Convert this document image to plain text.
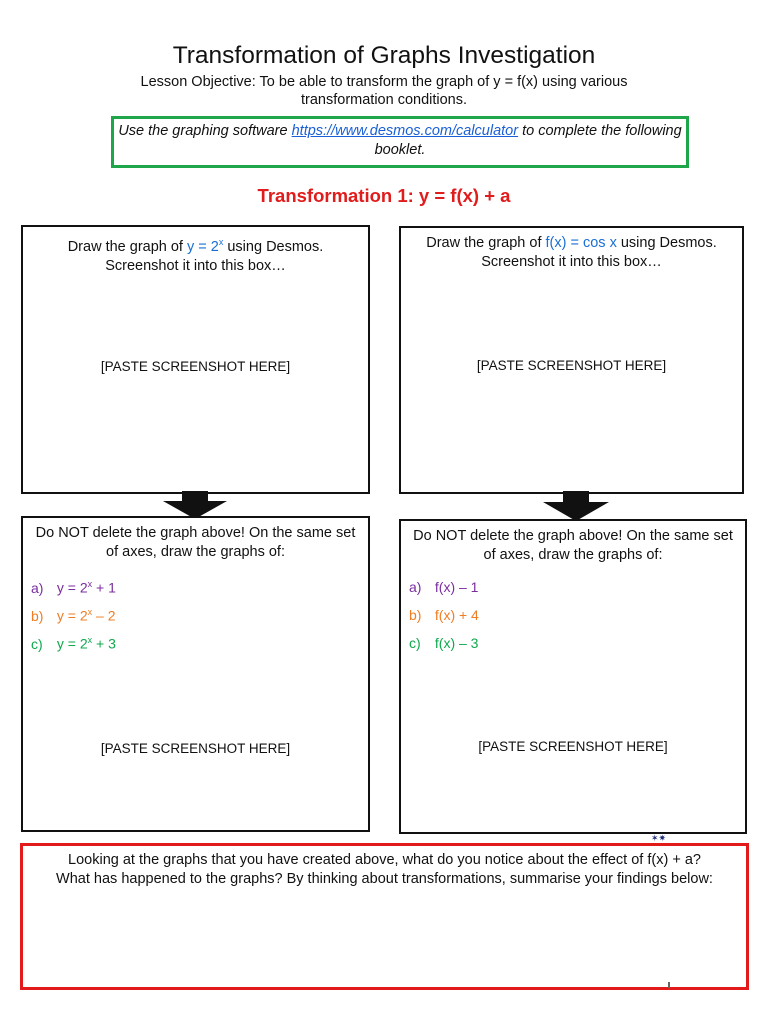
Transformation of Graphs Investigation
Lesson Objective: To be able to transform the graph of y = f(x) using various transformation conditions.
Use the graphing software https://www.desmos.com/calculator to complete the following booklet.
Transformation 1: y = f(x) + a
Draw the graph of $y = 2^x$ using Desmos.
Screenshot it into this box…
[PASTE SCREENSHOT HERE]
Draw the graph of f(x) = cos x using Desmos.
Screenshot it into this box…
[PASTE SCREENSHOT HERE]
Do NOT delete the graph above! On the same set of axes, draw the graphs of:
a) $y = 2^x + 1$
b) $y = 2^x - 2$
c) $y = 2^x + 3$
[PASTE SCREENSHOT HERE]
Do NOT delete the graph above! On the same set of axes, draw the graphs of:
a) f(x) – 1
b) f(x) + 4
c) f(x) – 3
[PASTE SCREENSHOT HERE]
✶✷
Looking at the graphs that you have created above, what do you notice about the effect of f(x) + a?
What has happened to the graphs? By thinking about transformations, summarise your findings below:
